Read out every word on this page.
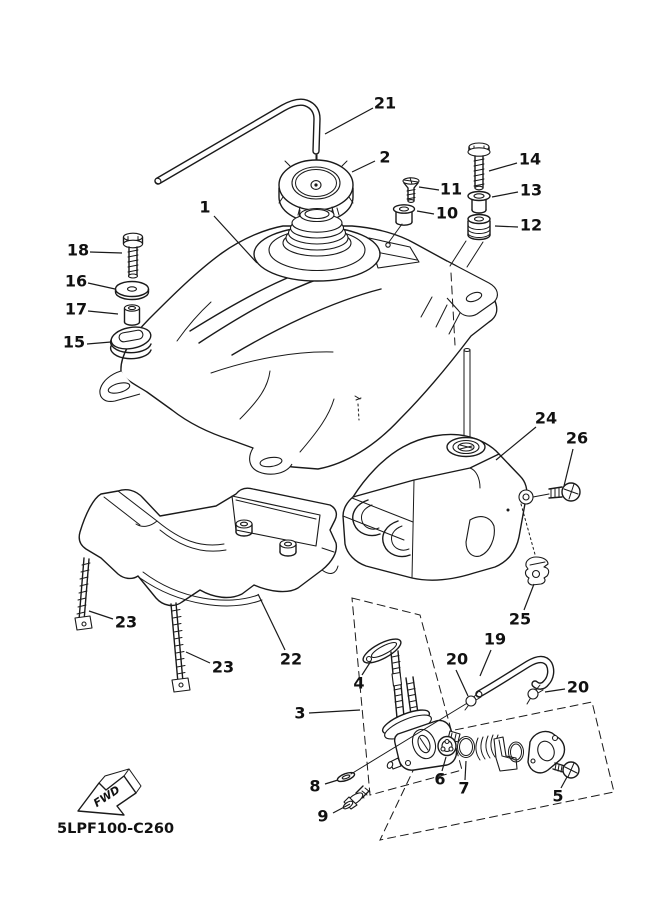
FWD
5LPF100-C260
1
2
21
14
13
12
11
10
18
16
17
15
24
26
25
19
20
20
22
23
23
3
4
8
9
6 7	5
